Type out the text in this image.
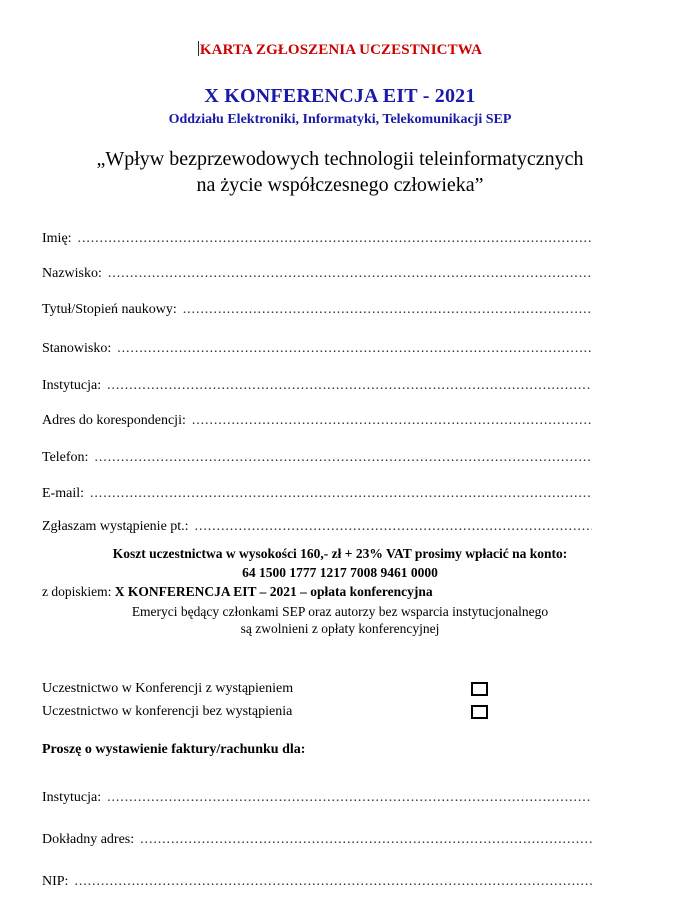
KARTA ZGŁOSZENIA UCZESTNICTWA
X KONFERENCJA EIT - 2021
Oddziału Elektroniki, Informatyki, Telekomunikacji SEP
„Wpływ bezprzewodowych technologii teleinformatycznych
na życie współczesnego człowieka”
Imię:
.....
Nazwisko:
.....
Tytuł/Stopień naukowy:
.....
Stanowisko:
.....
Instytucja:
.....
Adres do korespondencji:
.....
Telefon:
.....
E-mail:
.....
Zgłaszam wystąpienie pt.:
.....
Koszt uczestnictwa w wysokości 160,- zł + 23% VAT prosimy wpłacić na konto:
64 1500 1777 1217 7008 9461 0000
z dopiskiem: X KONFERENCJA EIT – 2021 – opłata konferencyjna
Emeryci będący członkami SEP oraz autorzy bez wsparcia instytucjonalnego
są zwolnieni z opłaty konferencyjnej
Uczestnictwo w Konferencji z wystąpieniem
Uczestnictwo w konferencji bez wystąpienia
Proszę o wystawienie faktury/rachunku dla:
Instytucja:
.....
Dokładny adres:
.....
NIP:
.....
